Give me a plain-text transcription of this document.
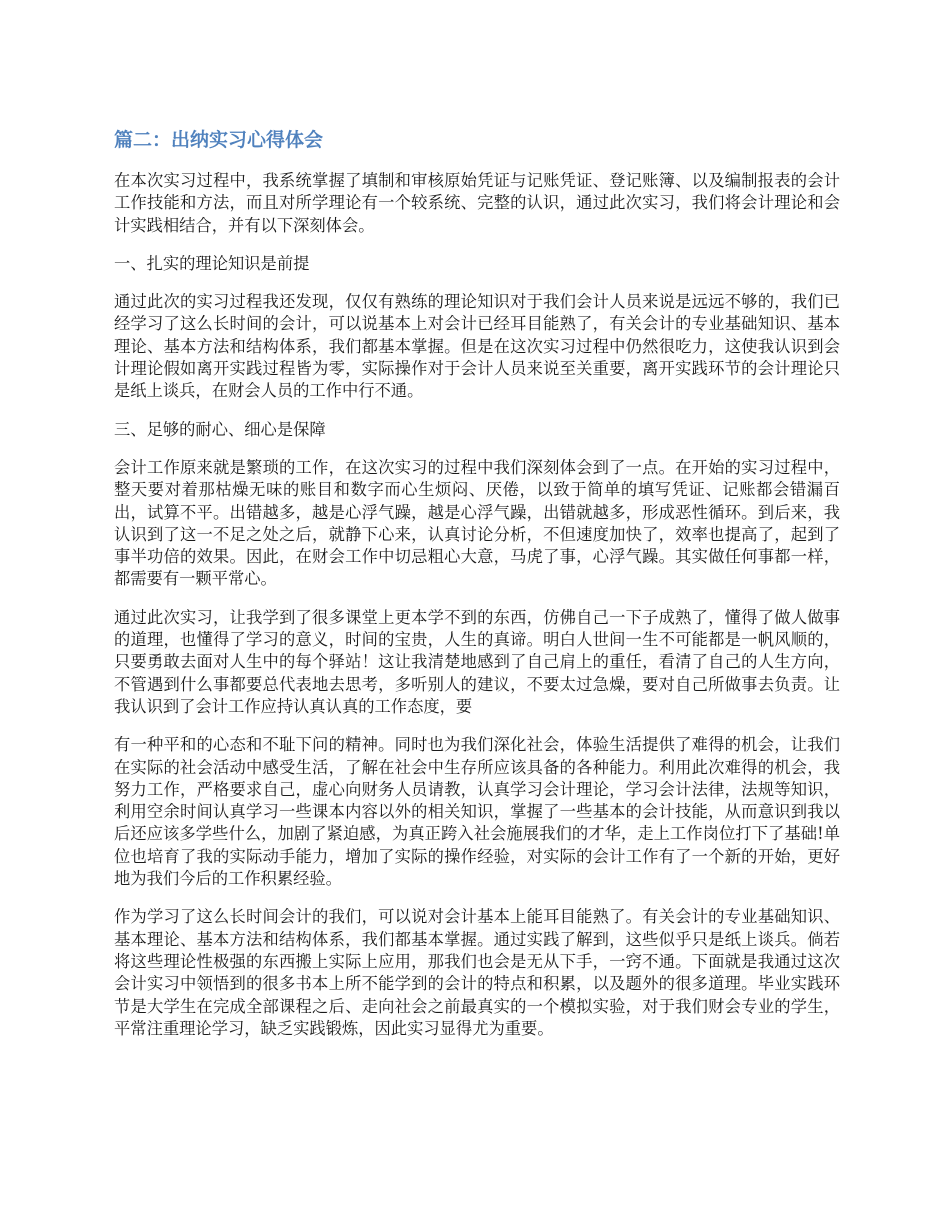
篇二：出纳实习心得体会

在本次实习过程中，我系统掌握了填制和审核原始凭证与记账凭证、登记账簿、以及编制报表的会计工作技能和方法，而且对所学理论有一个较系统、完整的认识，通过此次实习，我们将会计理论和会计实践相结合，并有以下深刻体会。

一、扎实的理论知识是前提

通过此次的实习过程我还发现，仅仅有熟练的理论知识对于我们会计人员来说是远远不够的，我们已经学习了这么长时间的会计，可以说基本上对会计已经耳目能熟了，有关会计的专业基础知识、基本理论、基本方法和结构体系，我们都基本掌握。但是在这次实习过程中仍然很吃力，这使我认识到会计理论假如离开实践过程皆为零，实际操作对于会计人员来说至关重要，离开实践环节的会计理论只是纸上谈兵，在财会人员的工作中行不通。

三、足够的耐心、细心是保障

会计工作原来就是繁琐的工作，在这次实习的过程中我们深刻体会到了一点。在开始的实习过程中，整天要对着那枯燥无味的账目和数字而心生烦闷、厌倦，以致于简单的填写凭证、记账都会错漏百出，试算不平。出错越多，越是心浮气躁，越是心浮气躁，出错就越多，形成恶性循环。到后来，我认识到了这一不足之处之后，就静下心来，认真讨论分析，不但速度加快了，效率也提高了，起到了事半功倍的效果。因此，在财会工作中切忌粗心大意，马虎了事，心浮气躁。其实做任何事都一样，都需要有一颗平常心。

通过此次实习，让我学到了很多课堂上更本学不到的东西，仿佛自己一下子成熟了，懂得了做人做事的道理，也懂得了学习的意义，时间的宝贵，人生的真谛。明白人世间一生不可能都是一帆风顺的，只要勇敢去面对人生中的每个驿站！这让我清楚地感到了自己肩上的重任，看清了自己的人生方向，不管遇到什么事都要总代表地去思考，多听别人的建议，不要太过急燥，要对自己所做事去负责。让我认识到了会计工作应持认真认真的工作态度，要

有一种平和的心态和不耻下问的精神。同时也为我们深化社会，体验生活提供了难得的机会，让我们在实际的社会活动中感受生活，了解在社会中生存所应该具备的各种能力。利用此次难得的机会，我努力工作，严格要求自己，虚心向财务人员请教，认真学习会计理论，学习会计法律，法规等知识，利用空余时间认真学习一些课本内容以外的相关知识，掌握了一些基本的会计技能，从而意识到我以后还应该多学些什么，加剧了紧迫感，为真正跨入社会施展我们的才华，走上工作岗位打下了基础!单位也培育了我的实际动手能力，增加了实际的操作经验，对实际的会计工作有了一个新的开始，更好地为我们今后的工作积累经验。

作为学习了这么长时间会计的我们，可以说对会计基本上能耳目能熟了。有关会计的专业基础知识、基本理论、基本方法和结构体系，我们都基本掌握。通过实践了解到，这些似乎只是纸上谈兵。倘若将这些理论性极强的东西搬上实际上应用，那我们也会是无从下手，一窍不通。下面就是我通过这次会计实习中领悟到的很多书本上所不能学到的会计的特点和积累，以及题外的很多道理。毕业实践环节是大学生在完成全部课程之后、走向社会之前最真实的一个模拟实验，对于我们财会专业的学生，平常注重理论学习，缺乏实践锻炼，因此实习显得尤为重要。
